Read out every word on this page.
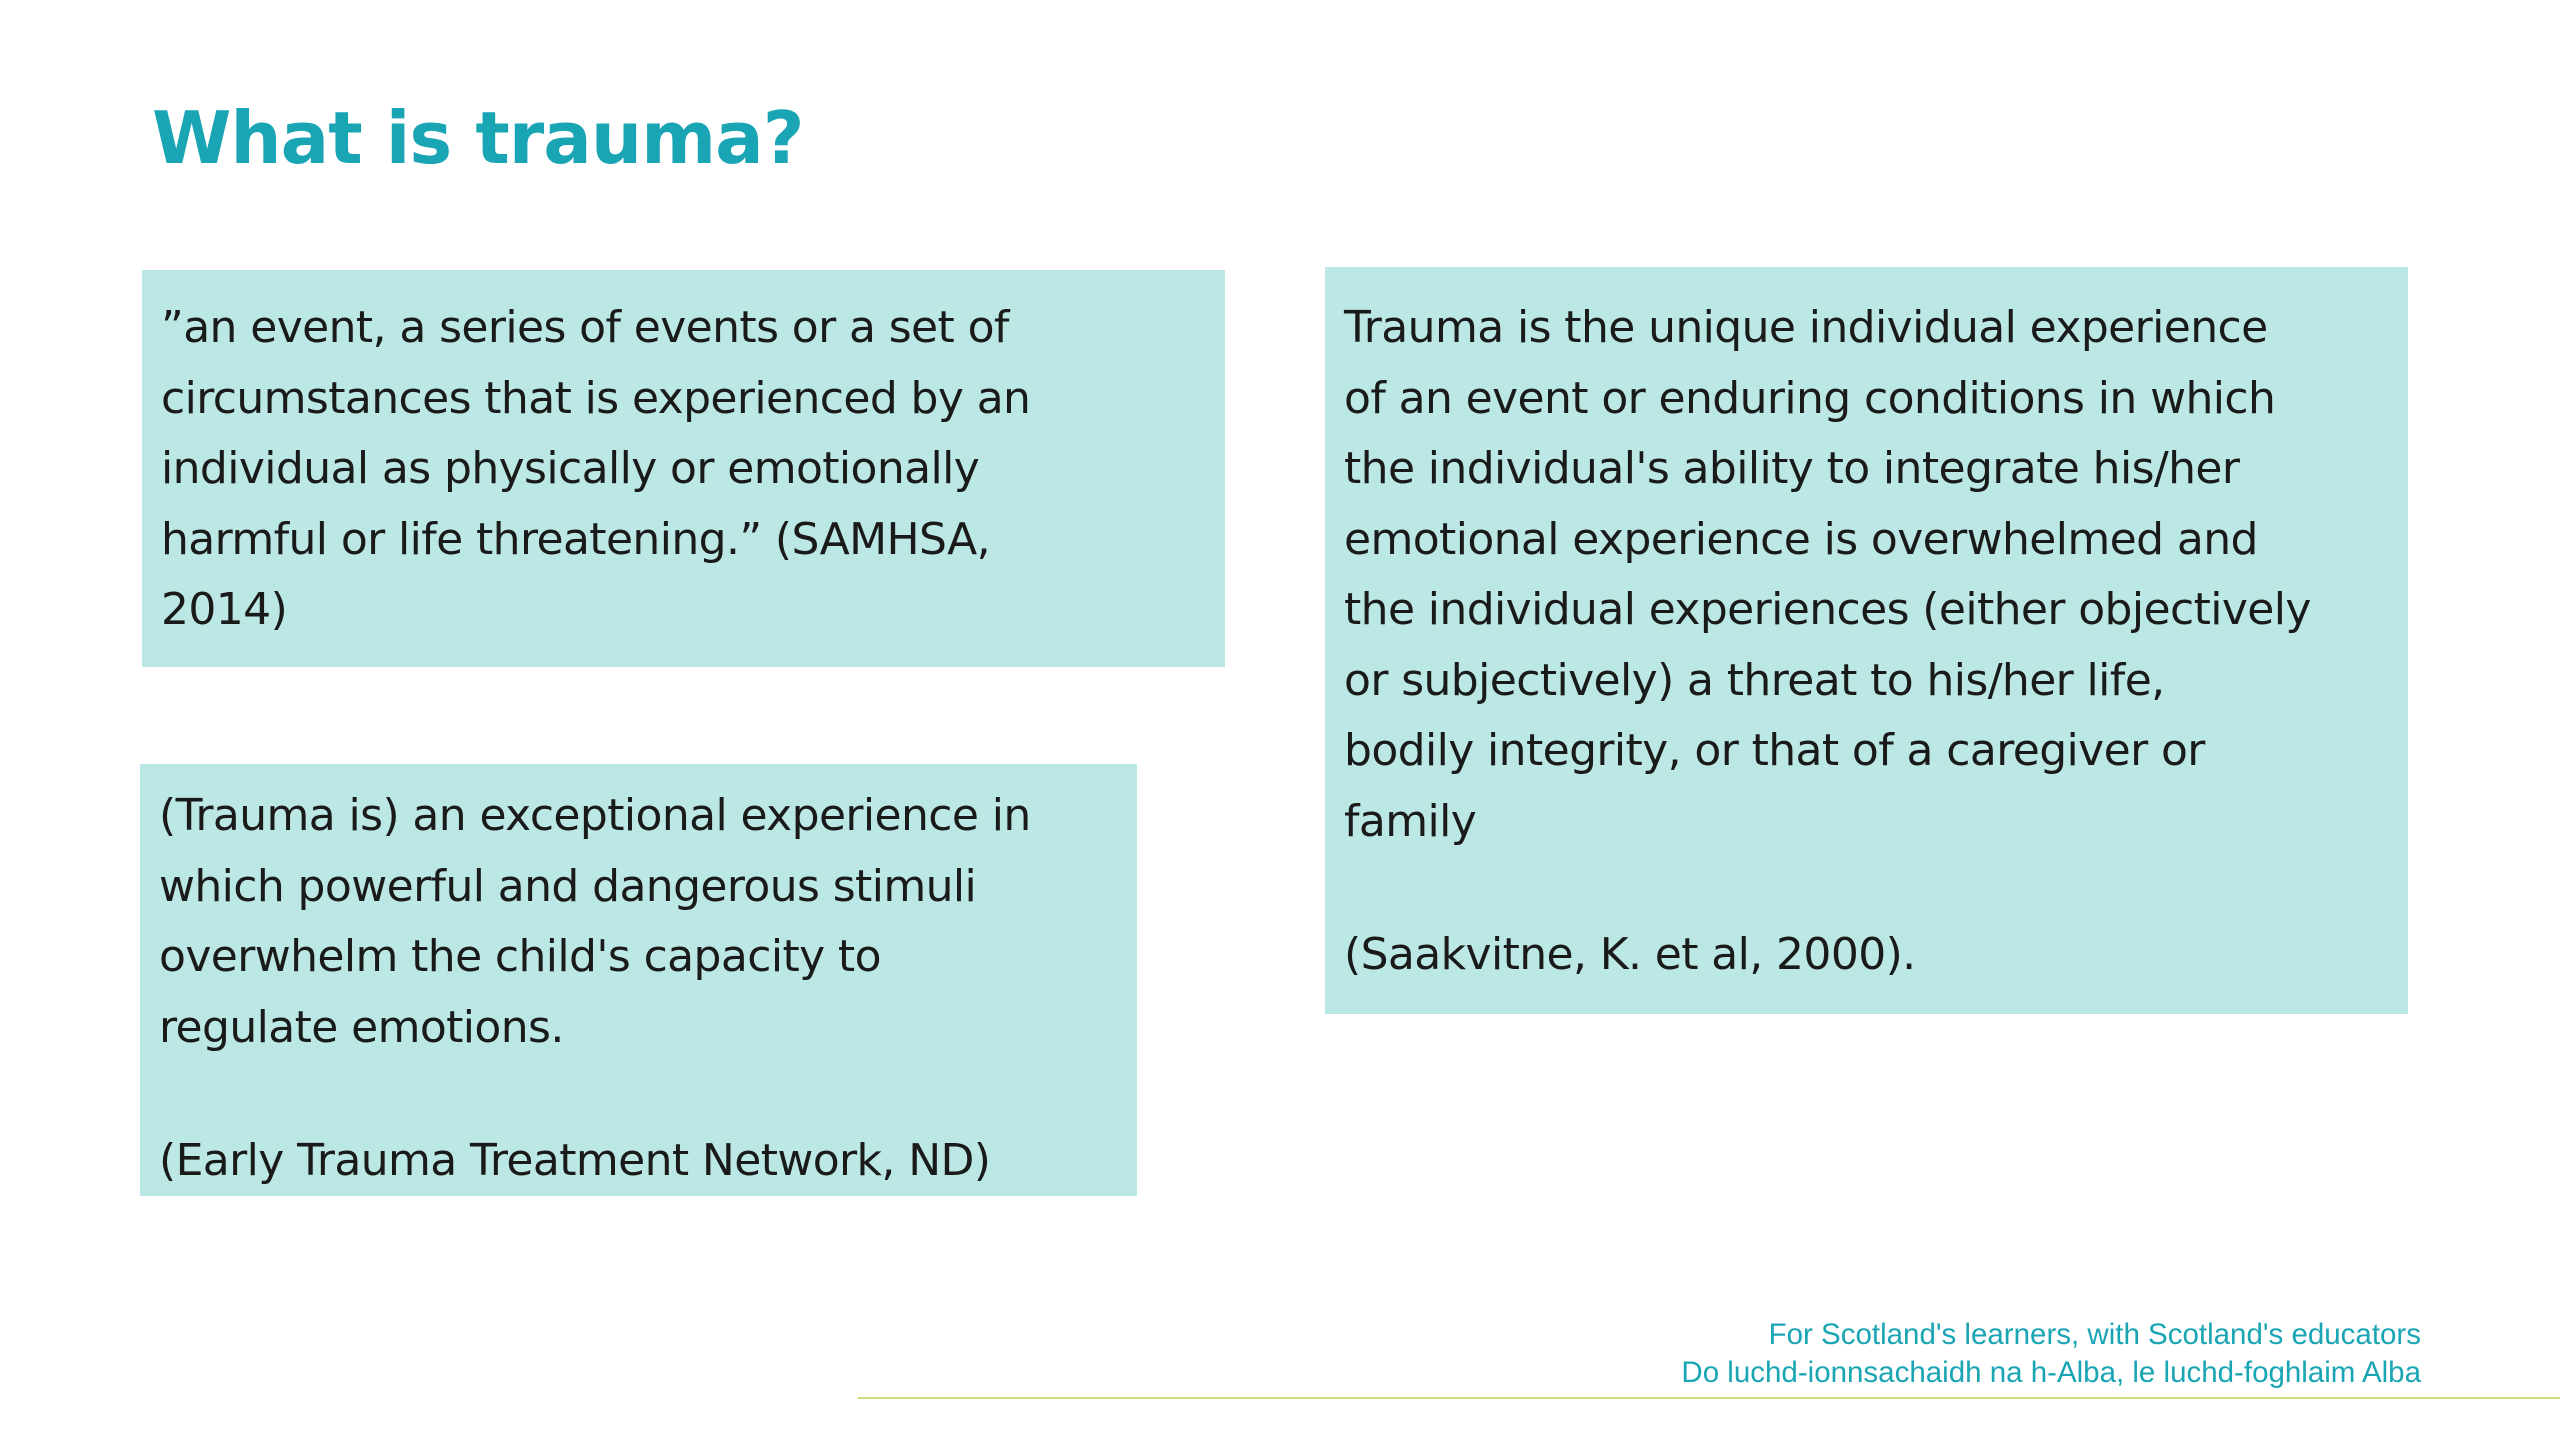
What is trauma?

”an event, a series of events or a set of

circumstances that is experienced by an

individual as physically or emotionally

harmful or life threatening.” (SAMHSA,

2014)

(Trauma is) an exceptional experience in

which powerful and dangerous stimuli

overwhelm the child's capacity to

regulate emotions.

(Early Trauma Treatment Network, ND)

Trauma is the unique individual experience

of an event or enduring conditions in which

the individual's ability to integrate his/her

emotional experience is overwhelmed and

the individual experiences (either objectively

or subjectively) a threat to his/her life,

bodily integrity, or that of a caregiver or

family

(Saakvitne, K. et al, 2000).

For Scotland's learners, with Scotland's educators
Do luchd-ionnsachaidh na h-Alba, le luchd-foghlaim Alba
